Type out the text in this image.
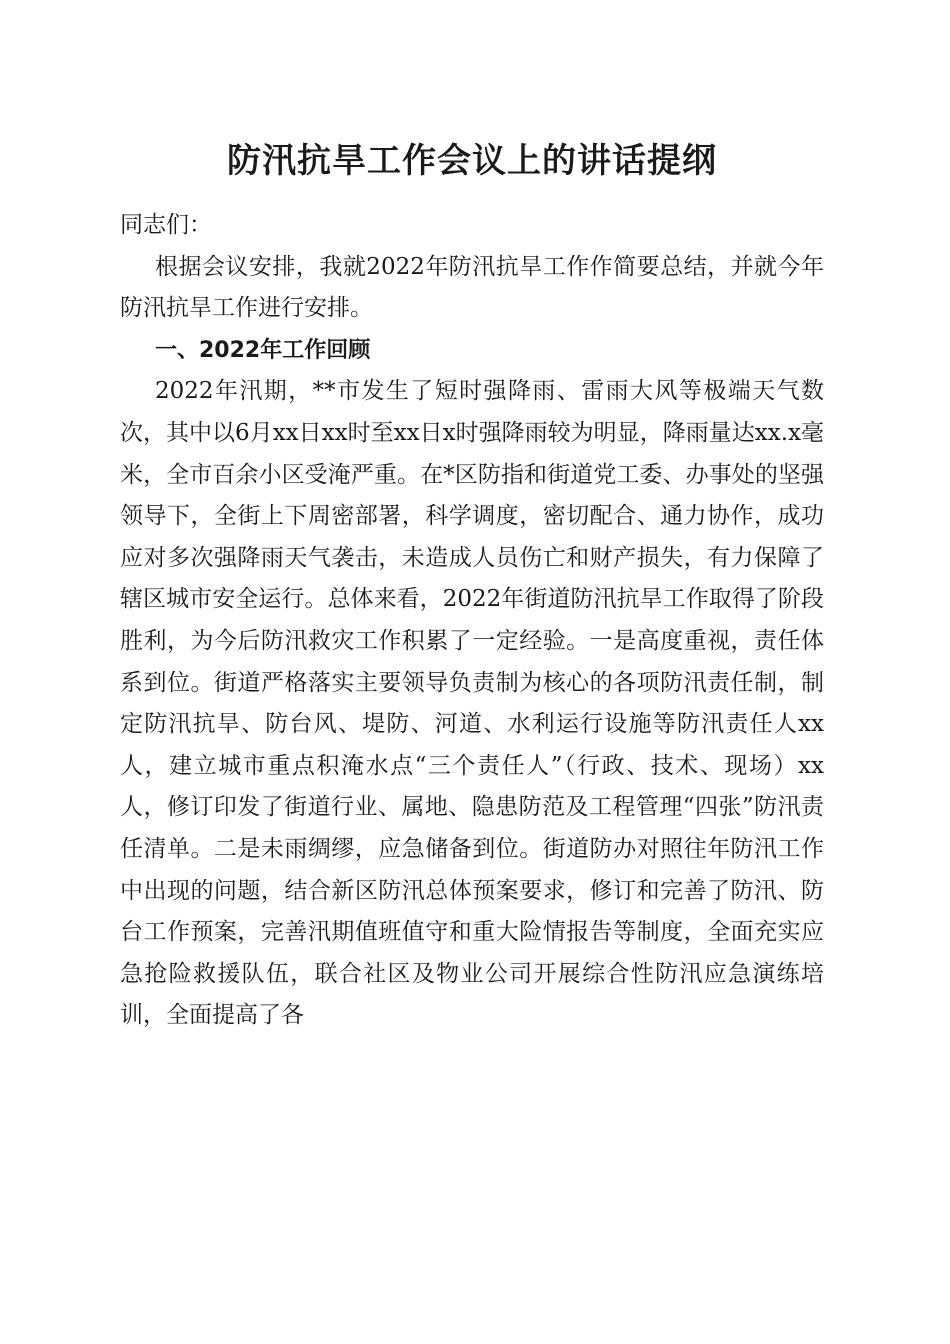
防汛抗旱工作会议上的讲话提纲

同志们：

根据会议安排，我就2022年防汛抗旱工作作简要总结，并就今年防汛抗旱工作进行安排。

一、2022年工作回顾

2022年汛期，**市发生了短时强降雨、雷雨大风等极端天气数次，其中以6月xx日xx时至xx日x时强降雨较为明显，降雨量达xx.x毫米，全市百余小区受淹严重。在*区防指和街道党工委、办事处的坚强领导下，全街上下周密部署，科学调度，密切配合、通力协作，成功应对多次强降雨天气袭击，未造成人员伤亡和财产损失，有力保障了辖区城市安全运行。总体来看，2022年街道防汛抗旱工作取得了阶段胜利，为今后防汛救灾工作积累了一定经验。一是高度重视，责任体系到位。街道严格落实主要领导负责制为核心的各项防汛责任制，制定防汛抗旱、防台风、堤防、河道、水利运行设施等防汛责任人xx人，建立城市重点积淹水点“三个责任人”（行政、技术、现场）xx人，修订印发了街道行业、属地、隐患防范及工程管理“四张”防汛责任清单。二是未雨绸缪，应急储备到位。街道防办对照往年防汛工作中出现的问题，结合新区防汛总体预案要求，修订和完善了防汛、防台工作预案，完善汛期值班值守和重大险情报告等制度，全面充实应急抢险救援队伍，联合社区及物业公司开展综合性防汛应急演练培训，全面提高了各
